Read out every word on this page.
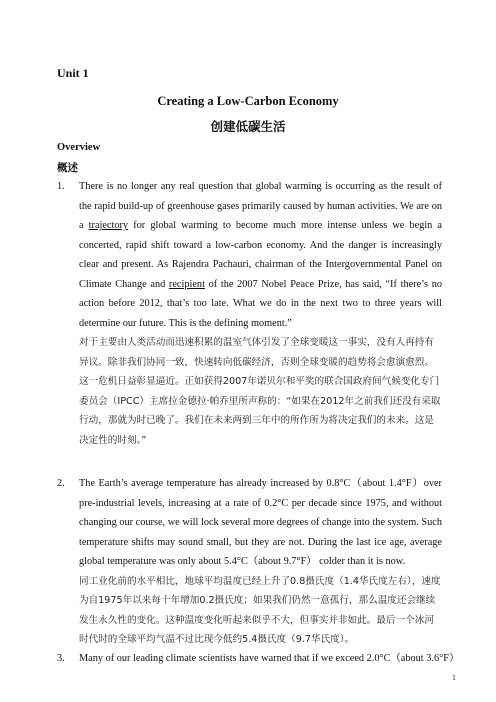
Unit 1
Creating a Low-Carbon Economy
创建低碳生活
Overview
概述
1. There is no longer any real question that global warming is occurring as the result of the rapid build-up of greenhouse gases primarily caused by human activities. We are on a trajectory for global warming to become much more intense unless we begin a concerted, rapid shift toward a low-carbon economy. And the danger is increasingly clear and present. As Rajendra Pachauri, chairman of the Intergovernmental Panel on Climate Change and recipient of the 2007 Nobel Peace Prize, has said, “If there’s no action before 2012, that’s too late. What we do in the next two to three years will determine our future. This is the defining moment.”
对于主要由人类活动而迅速积累的温室气体引发了全球变暖这一事实，没有人再持有异议。除非我们协同一致，快速转向低碳经济，否则全球变暖的趋势将会愈演愈烈。这一危机日益彰显逼近。正如获得2007年诺贝尔和平奖的联合国政府间气候变化专门委员会（IPCC）主席拉金德拉·帕乔里所声称的：“如果在2012年之前我们还没有采取行动，那就为时已晚了。我们在未来两到三年中的所作所为将决定我们的未来。这是决定性的时刻。”
2. The Earth’s average temperature has already increased by 0.8°C（about 1.4°F）over pre-industrial levels, increasing at a rate of 0.2°C per decade since 1975, and without changing our course, we will lock several more degrees of change into the system. Such temperature shifts may sound small, but they are not. During the last ice age, average global temperature was only about 5.4°C（about 9.7°F） colder than it is now.
同工业化前的水平相比，地球平均温度已经上升了0.8摄氏度（1.4华氏度左右），速度为自1975年以来每十年增加0.2摄氏度；如果我们仍然一意孤行，那么温度还会继续发生永久性的变化。这种温度变化听起来似乎不大，但事实并非如此。最后一个冰河时代时的全球平均气温不过比现今低约5.4摄氏度（9.7华氏度）。
3. Many of our leading climate scientists have warned that if we exceed 2.0°C（about 3.6°F）
1
